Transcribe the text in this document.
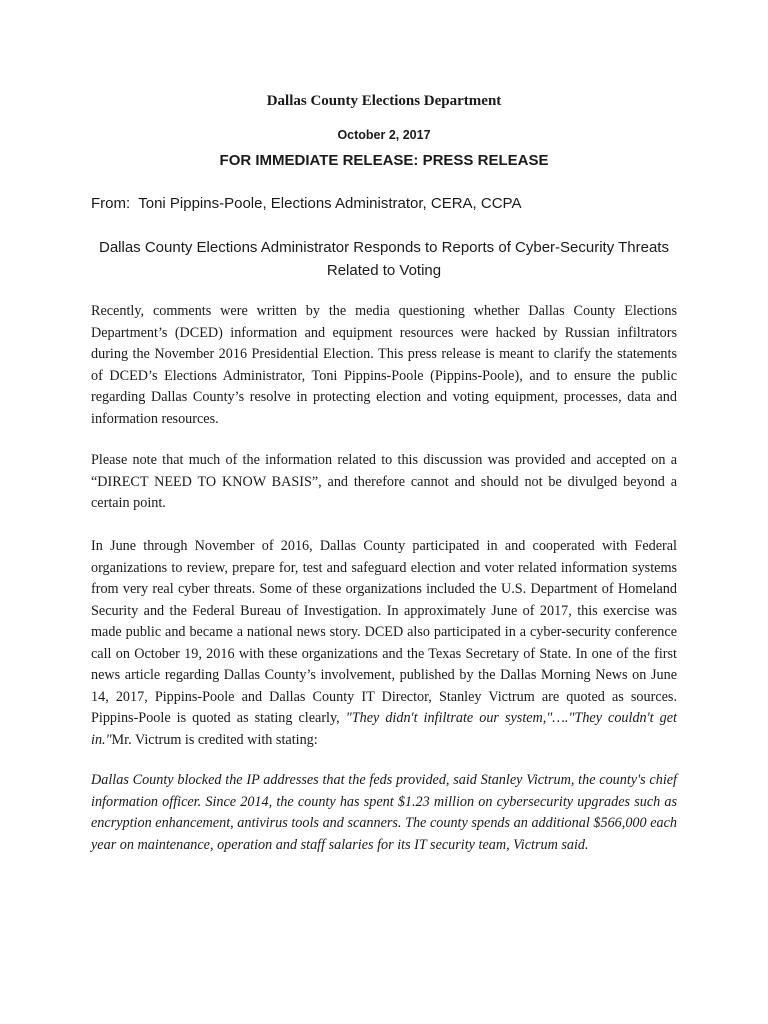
Dallas County Elections Department
October 2, 2017
FOR IMMEDIATE RELEASE: PRESS RELEASE
From:  Toni Pippins-Poole, Elections Administrator, CERA, CCPA
Dallas County Elections Administrator Responds to Reports of Cyber-Security Threats
Related to Voting

Recently, comments were written by the media questioning whether Dallas County Elections Department’s (DCED) information and equipment resources were hacked by Russian infiltrators during the November 2016 Presidential Election. This press release is meant to clarify the statements of DCED’s Elections Administrator, Toni Pippins-Poole (Pippins-Poole), and to ensure the public regarding Dallas County’s resolve in protecting election and voting equipment, processes, data and information resources.

Please note that much of the information related to this discussion was provided and accepted on a “DIRECT NEED TO KNOW BASIS”, and therefore cannot and should not be divulged beyond a certain point.

In June through November of 2016, Dallas County participated in and cooperated with Federal organizations to review, prepare for, test and safeguard election and voter related information systems from very real cyber threats. Some of these organizations included the U.S. Department of Homeland Security and the Federal Bureau of Investigation. In approximately June of 2017, this exercise was made public and became a national news story. DCED also participated in a cyber-security conference call on October 19, 2016 with these organizations and the Texas Secretary of State. In one of the first news article regarding Dallas County’s involvement, published by the Dallas Morning News on June 14, 2017, Pippins-Poole and Dallas County IT Director, Stanley Victrum are quoted as sources. Pippins-Poole is quoted as stating clearly, "They didn't infiltrate our system,"…."They couldn't get in."Mr. Victrum is credited with stating:

Dallas County blocked the IP addresses that the feds provided, said Stanley Victrum, the county's chief information officer. Since 2014, the county has spent $1.23 million on cybersecurity upgrades such as encryption enhancement, antivirus tools and scanners. The county spends an additional $566,000 each year on maintenance, operation and staff salaries for its IT security team, Victrum said.
